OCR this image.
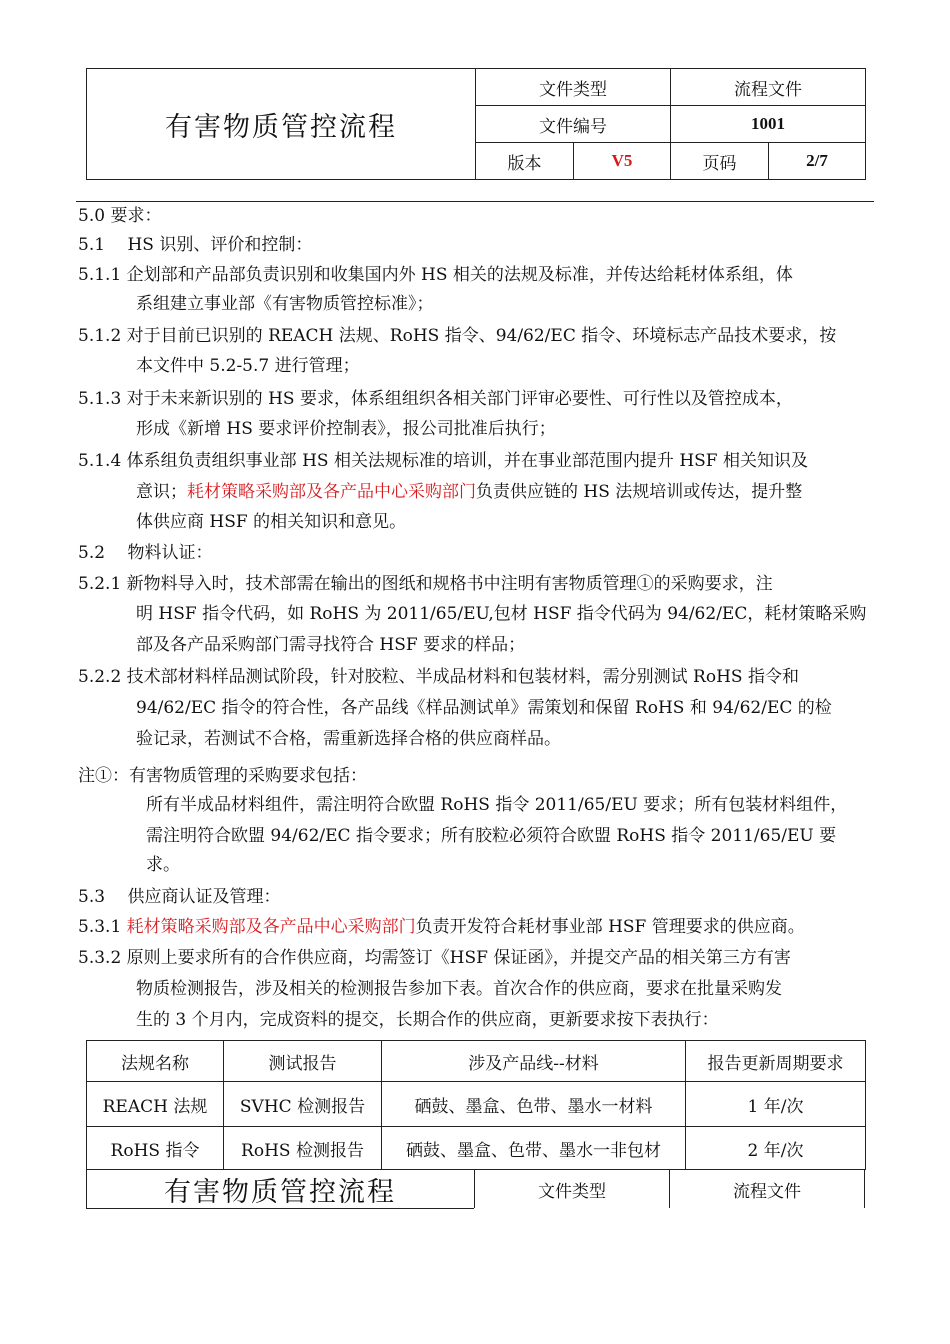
有害物质管控流程
文件类型	流程文件
文件编号	1001
版本	V5	页码	2/7
5.0 要求：
5.1　 HS 识别、评价和控制：
5.1.1 企划部和产品部负责识别和收集国内外 HS 相关的法规及标准，并传达给耗材体系组，体
系组建立事业部《有害物质管控标准》；
5.1.2 对于目前已识别的 REACH 法规、RoHS 指令、94/62/EC 指令、环境标志产品技术要求，按
本文件中 5.2-5.7 进行管理；
5.1.3 对于未来新识别的 HS 要求，体系组组织各相关部门评审必要性、可行性以及管控成本，
形成《新增 HS 要求评价控制表》，报公司批准后执行；
5.1.4 体系组负责组织事业部 HS 相关法规标准的培训，并在事业部范围内提升 HSF 相关知识及
意识；耗材策略采购部及各产品中心采购部门负责供应链的 HS 法规培训或传达，提升整
体供应商 HSF 的相关知识和意见。
5.2　 物料认证：
5.2.1 新物料导入时，技术部需在输出的图纸和规格书中注明有害物质管理①的采购要求，注
明 HSF 指令代码，如 RoHS 为 2011/65/EU,包材 HSF 指令代码为 94/62/EC，耗材策略采购
部及各产品采购部门需寻找符合 HSF 要求的样品；
5.2.2 技术部材料样品测试阶段，针对胶粒、半成品材料和包装材料，需分别测试 RoHS 指令和
94/62/EC 指令的符合性，各产品线《样品测试单》需策划和保留 RoHS 和 94/62/EC 的检
验记录，若测试不合格，需重新选择合格的供应商样品。
注①：有害物质管理的采购要求包括：
所有半成品材料组件，需注明符合欧盟 RoHS 指令 2011/65/EU 要求；所有包装材料组件，
需注明符合欧盟 94/62/EC 指令要求；所有胶粒必须符合欧盟 RoHS 指令 2011/65/EU 要
求。
5.3　 供应商认证及管理：
5.3.1 耗材策略采购部及各产品中心采购部门负责开发符合耗材事业部 HSF 管理要求的供应商。
5.3.2 原则上要求所有的合作供应商，均需签订《HSF 保证函》，并提交产品的相关第三方有害
物质检测报告，涉及相关的检测报告参加下表。首次合作的供应商，要求在批量采购发
生的 3 个月内，完成资料的提交，长期合作的供应商，更新要求按下表执行：
法规名称	测试报告	涉及产品线--材料	报告更新周期要求
REACH 法规	SVHC 检测报告	硒鼓、墨盒、色带、墨水一材料	1 年/次
RoHS 指令	RoHS 检测报告	硒鼓、墨盒、色带、墨水一非包材	2 年/次
有害物质管控流程	文件类型	流程文件
